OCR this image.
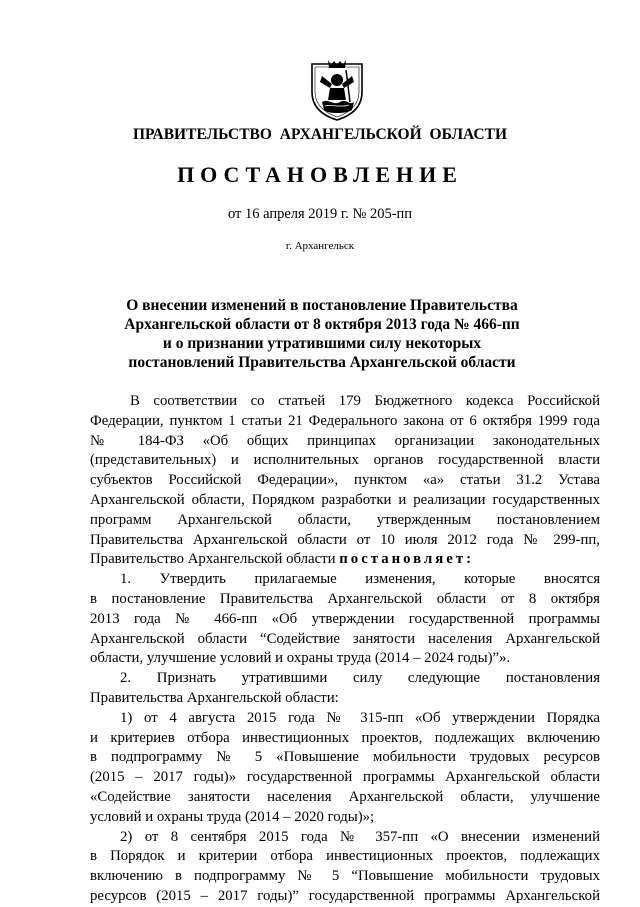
ПРАВИТЕЛЬСТВО АРХАНГЕЛЬСКОЙ ОБЛАСТИ
ПОСТАНОВЛЕНИЕ
от 16 апреля 2019 г. № 205-пп
г. Архангельск
О внесении изменений в постановление Правительства
Архангельской области от 8 октября 2013 года № 466-пп
и о признании утратившими силу некоторых
постановлений Правительства Архангельской области
В соответствии со статьей 179 Бюджетного кодекса Российской
Федерации, пунктом 1 статьи 21 Федерального закона от 6 октября 1999 года
№ 184-ФЗ «Об общих принципах организации законодательных
(представительных) и исполнительных органов государственной власти
субъектов Российской Федерации», пунктом «а» статьи 31.2 Устава
Архангельской области, Порядком разработки и реализации государственных
программ Архангельской области, утвержденным постановлением
Правительства Архангельской области от 10 июля 2012 года № 299-пп,
Правительство Архангельской области постановляет:
1. Утвердить прилагаемые изменения, которые вносятся
в постановление Правительства Архангельской области от 8 октября
2013 года № 466-пп «Об утверждении государственной программы
Архангельской области “Содействие занятости населения Архангельской
области, улучшение условий и охраны труда (2014 – 2024 годы)”».
2. Признать утратившими силу следующие постановления
Правительства Архангельской области:
1) от 4 августа 2015 года № 315-пп «Об утверждении Порядка
и критериев отбора инвестиционных проектов, подлежащих включению
в подпрограмму № 5 «Повышение мобильности трудовых ресурсов
(2015 – 2017 годы)» государственной программы Архангельской области
«Содействие занятости населения Архангельской области, улучшение
условий и охраны труда (2014 – 2020 годы)»;
2) от 8 сентября 2015 года № 357-пп «О внесении изменений
в Порядок и критерии отбора инвестиционных проектов, подлежащих
включению в подпрограмму № 5 “Повышение мобильности трудовых
ресурсов (2015 – 2017 годы)” государственной программы Архангельской
